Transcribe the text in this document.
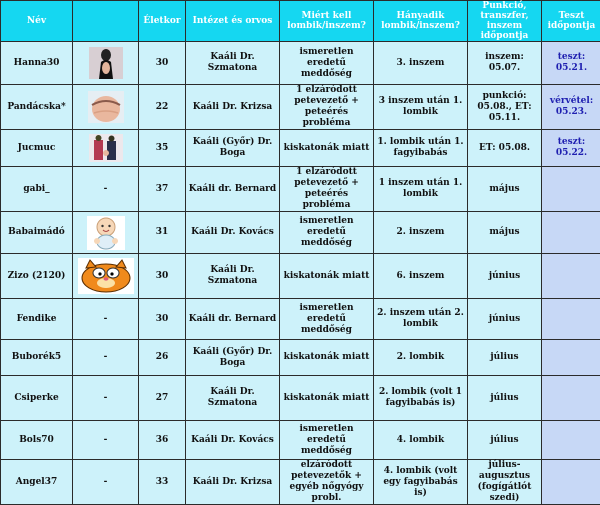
Név		Életkor	Intézet és orvos	Miért kell lombik/inszem?	Hányadik lombik/inszem?	Punkció, transzfer, inszem időpontja	Teszt időpontja
Hanna30		30	Kaáli Dr. Szmatona	ismeretlen eredetű meddőség	3. inszem	inszem: 05.07.	teszt: 05.21.
Pandácska*		22	Kaáli Dr. Krizsa	1 elzáródott petevezető + peteérés probléma	3 inszem után 1. lombik	punkció: 05.08., ET: 05.11.	vérvétel: 05.23.
Jucmuc		35	Kaáli (Győr) Dr. Boga	kiskatonák miatt	1. lombik után 1. fagyibabás	ET: 05.08.	teszt: 05.22.
gabi_	-	37	Kaáli dr. Bernard	1 elzáródott petevezető + peteérés probléma	1 inszem után 1. lombik	május	
Babaimádó		31	Kaáli Dr. Kovács	ismeretlen eredetű meddőség	2. inszem	május	
Zizo (2120)		30	Kaáli Dr. Szmatona	kiskatonák miatt	6. inszem	június	
Fendike	-	30	Kaáli dr. Bernard	ismeretlen eredetű meddőség	2. inszem után 2. lombik	június	
Buborék5	-	26	Kaáli (Győr) Dr. Boga	kiskatonák miatt	2. lombik	július	
Csiperke	-	27	Kaáli Dr. Szmatona	kiskatonák miatt	2. lombik (volt 1 fagyibabás is)	július	
Bols70	-	36	Kaáli Dr. Kovács	ismeretlen eredetű meddőség	4. lombik	július	
Angel37	-	33	Kaáli Dr. Krizsa	elzáródott petevezetők + egyéb nőgyógy probl.	4. lombik (volt egy fagyibabás is)	július-augusztus (fogígátlót szedi)	
